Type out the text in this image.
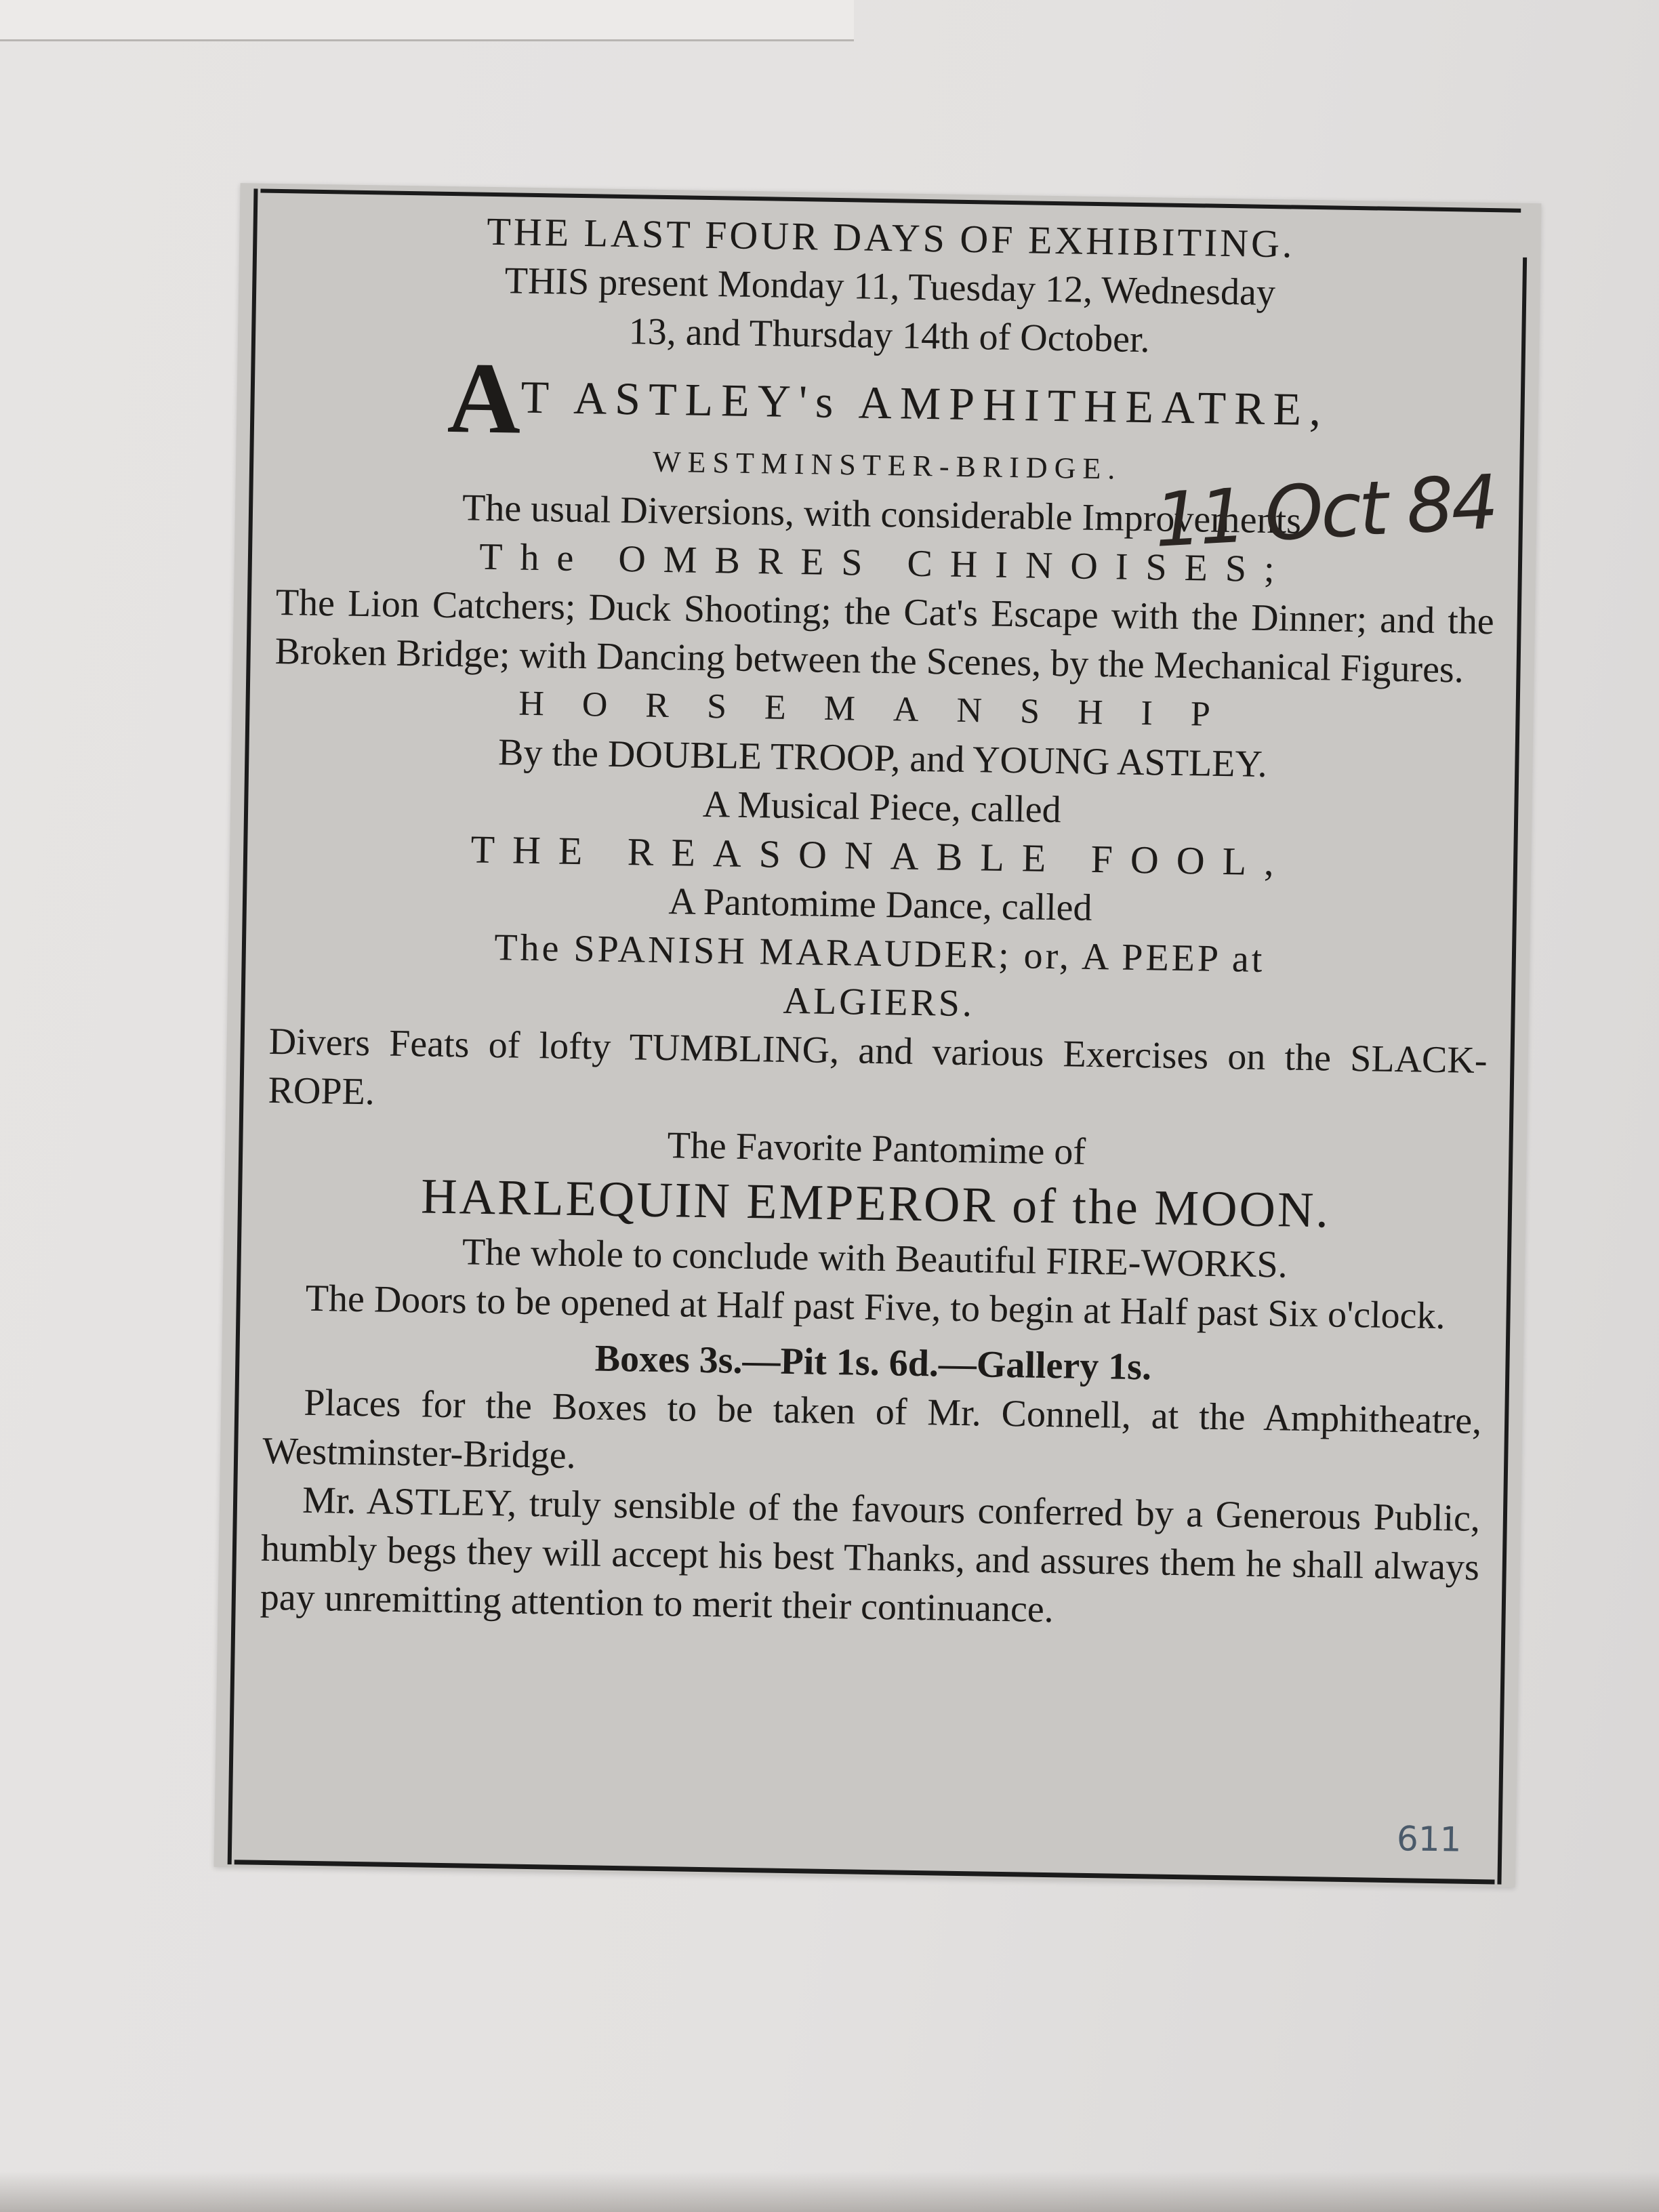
THE LAST FOUR DAYS OF EXHIBITING.
THIS present Monday 11, Tuesday 12, Wednesday
13, and Thursday 14th of October.
AT ASTLEY's AMPHITHEATRE,
WESTMINSTER-BRIDGE.
The usual Diversions, with considerable Improvements.
The OMBRES CHINOISES;
The Lion Catchers; Duck Shooting; the Cat's Escape with the Dinner; and the Broken Bridge; with Dancing between the Scenes, by the Mechanical Figures.
HORSEMANSHIP
By the DOUBLE TROOP, and YOUNG ASTLEY.
A Musical Piece, called
THE REASONABLE FOOL,
A Pantomime Dance, called
The SPANISH MARAUDER; or, A PEEP at
ALGIERS.
Divers Feats of lofty TUMBLING, and various Exercises on the SLACK-ROPE.
The Favorite Pantomime of
HARLEQUIN EMPEROR of the MOON.
The whole to conclude with Beautiful FIRE-WORKS.
The Doors to be opened at Half past Five, to begin at Half past Six o'clock.
Boxes 3s.—Pit 1s. 6d.—Gallery 1s.
Places for the Boxes to be taken of Mr. Connell, at the Amphitheatre, Westminster-Bridge.
Mr. ASTLEY, truly sensible of the favours conferred by a Generous Public, humbly begs they will accept his best Thanks, and assures them he shall always pay unremitting attention to merit their continuance.
11 Oct 84
611
